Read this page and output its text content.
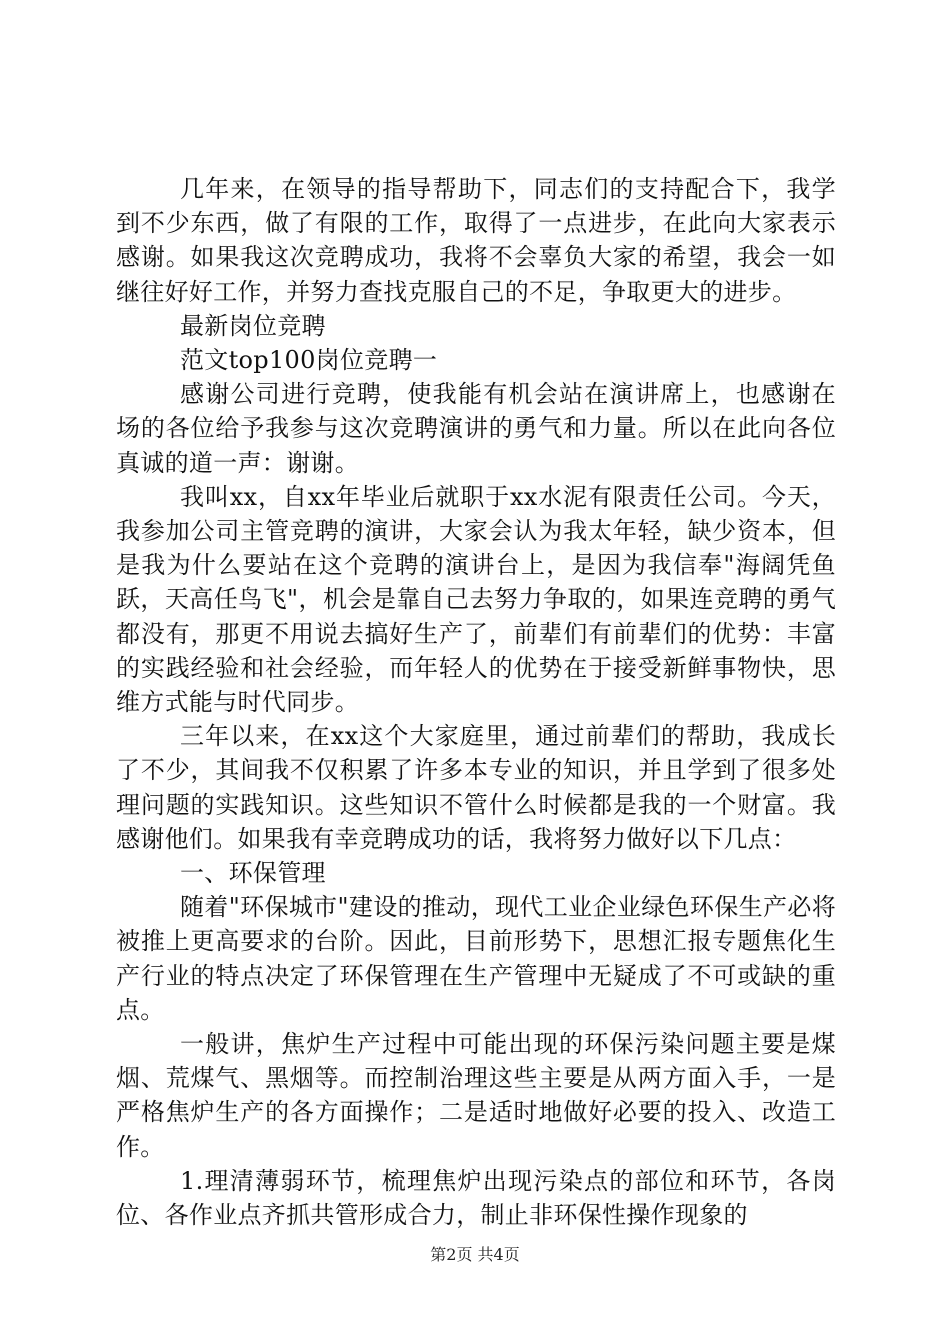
几年来，在领导的指导帮助下，同志们的支持配合下，我学到不少东西，做了有限的工作，取得了一点进步，在此向大家表示感谢。如果我这次竞聘成功，我将不会辜负大家的希望，我会一如继往好好工作，并努力查找克服自己的不足，争取更大的进步。

最新岗位竞聘

范文top100岗位竞聘一

感谢公司进行竞聘，使我能有机会站在演讲席上，也感谢在场的各位给予我参与这次竞聘演讲的勇气和力量。所以在此向各位真诚的道一声：谢谢。

我叫xx，自xx年毕业后就职于xx水泥有限责任公司。今天，我参加公司主管竞聘的演讲，大家会认为我太年轻，缺少资本，但是我为什么要站在这个竞聘的演讲台上，是因为我信奉"海阔凭鱼跃，天高任鸟飞"，机会是靠自己去努力争取的，如果连竞聘的勇气都没有，那更不用说去搞好生产了，前辈们有前辈们的优势：丰富的实践经验和社会经验，而年轻人的优势在于接受新鲜事物快，思维方式能与时代同步。

三年以来，在xx这个大家庭里，通过前辈们的帮助，我成长了不少，其间我不仅积累了许多本专业的知识，并且学到了很多处理问题的实践知识。这些知识不管什么时候都是我的一个财富。我感谢他们。如果我有幸竞聘成功的话，我将努力做好以下几点：

一、环保管理

随着"环保城市"建设的推动，现代工业企业绿色环保生产必将被推上更高要求的台阶。因此，目前形势下，思想汇报专题焦化生产行业的特点决定了环保管理在生产管理中无疑成了不可或缺的重点。

一般讲，焦炉生产过程中可能出现的环保污染问题主要是煤烟、荒煤气、黑烟等。而控制治理这些主要是从两方面入手，一是严格焦炉生产的各方面操作；二是适时地做好必要的投入、改造工作。

1.理清薄弱环节，梳理焦炉出现污染点的部位和环节，各岗位、各作业点齐抓共管形成合力，制止非环保性操作现象的

第2页 共4页
